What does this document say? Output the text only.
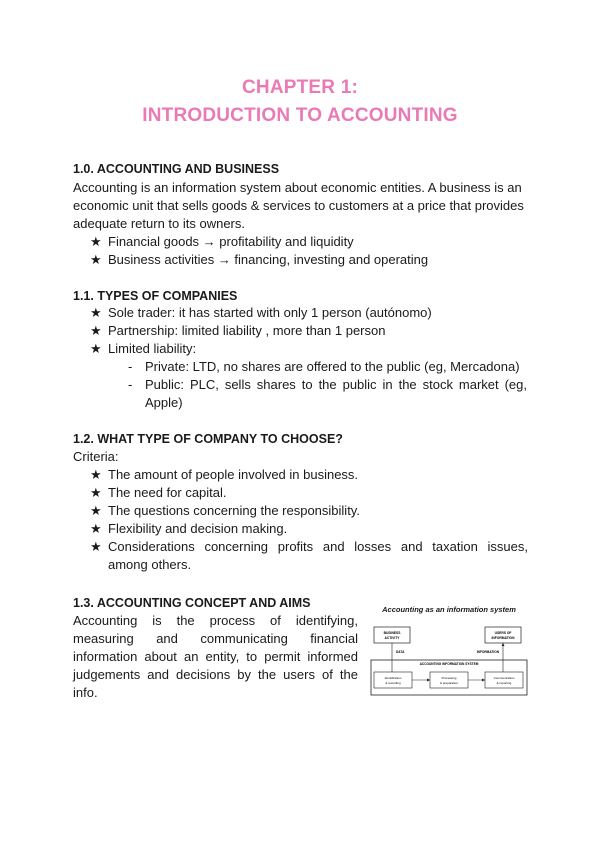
CHAPTER 1:
INTRODUCTION TO ACCOUNTING
1.0. ACCOUNTING AND BUSINESS
Accounting is an information system about economic entities. A business is an
economic unit that sells goods & services to customers at a price that provides
adequate return to its owners.
★ Financial goods → profitability and liquidity
★ Business activities → financing, investing and operating
1.1. TYPES OF COMPANIES
★ Sole trader: it has started with only 1 person (autónomo)
★ Partnership: limited liability , more than 1 person
★ Limited liability:
- Private: LTD, no shares are offered to the public (eg, Mercadona)
- Public: PLC, sells shares to the public in the stock market (eg, Apple)
1.2. WHAT TYPE OF COMPANY TO CHOOSE?
Criteria:
★ The amount of people involved in business.
★ The need for capital.
★ The questions concerning the responsibility.
★ Flexibility and decision making.
★ Considerations concerning profits and losses and taxation issues, among others.
1.3. ACCOUNTING CONCEPT AND AIMS
Accounting is the process of identifying,
measuring and communicating financial
information about an entity, to permit informed
judgements and decisions by the users of the info.
Accounting as an information system
BUSINESS
ACTIVITY
USERS OF
INFORMATION
DATA	INFORMATION
ACCOUNTING INFORMATION SYSTEM
Identification
& recording
Processing
& preparation
Communication
& reporting
